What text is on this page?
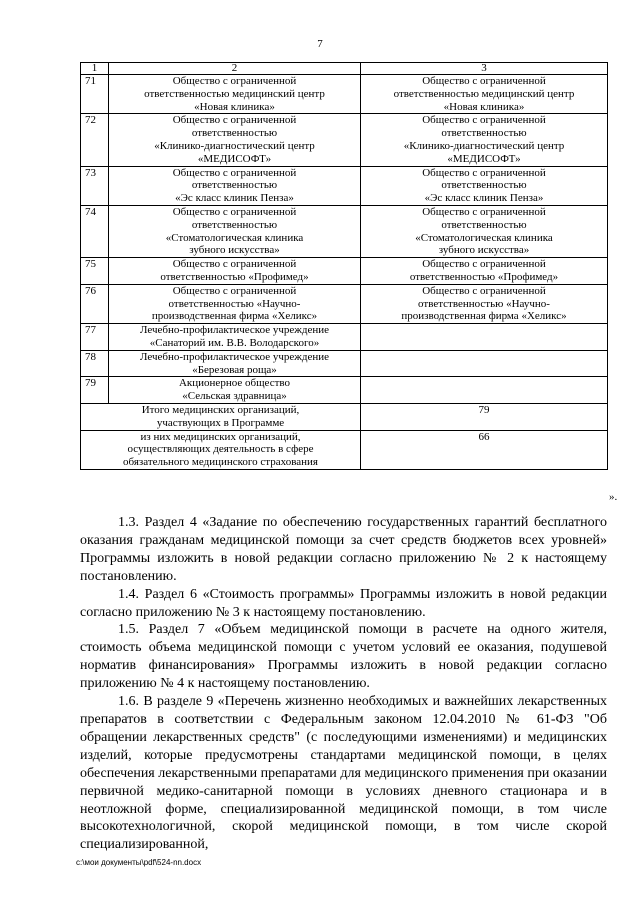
7
1	2	3
71	Общество с ограниченной
ответственностью медицинский центр
«Новая клиника»	Общество с ограниченной
ответственностью медицинский центр
«Новая клиника»
72	Общество с ограниченной
ответственностью
«Клинико-диагностический центр
«МЕДИСОФТ»	Общество с ограниченной
ответственностью
«Клинико-диагностический центр
«МЕДИСОФТ»
73	Общество с ограниченной
ответственностью
«Эс класс клиник Пенза»	Общество с ограниченной
ответственностью
«Эс класс клиник Пенза»
74	Общество с ограниченной
ответственностью
«Стоматологическая клиника
зубного искусства»	Общество с ограниченной
ответственностью
«Стоматологическая клиника
зубного искусства»
75	Общество с ограниченной
ответственностью «Профимед»	Общество с ограниченной
ответственностью «Профимед»
76	Общество с ограниченной
ответственностью «Научно-
производственная фирма «Хеликс»	Общество с ограниченной
ответственностью «Научно-
производственная фирма «Хеликс»
77	Лечебно-профилактическое учреждение
«Санаторий им. В.В. Володарского»	
78	Лечебно-профилактическое учреждение
«Березовая роща»	
79	Акционерное общество
«Сельская здравница»	
Итого медицинских организаций,
участвующих в Программе		79
из них медицинских организаций,
осуществляющих деятельность в сфере
обязательного медицинского страхования		66
».

1.3. Раздел 4 «Задание по обеспечению государственных гарантий бесплатного оказания гражданам медицинской помощи за счет средств бюджетов всех уровней» Программы изложить в новой редакции согласно приложению № 2 к настоящему постановлению.

1.4. Раздел 6 «Стоимость программы» Программы изложить в новой редакции согласно приложению № 3 к настоящему постановлению.

1.5. Раздел 7 «Объем медицинской помощи в расчете на одного жителя, стоимость объема медицинской помощи с учетом условий ее оказания, подушевой норматив финансирования» Программы изложить в новой редакции согласно приложению № 4 к настоящему постановлению.

1.6. В разделе 9 «Перечень жизненно необходимых и важнейших лекарственных препаратов в соответствии с Федеральным законом 12.04.2010 № 61-ФЗ "Об обращении лекарственных средств" (с последующими изменениями) и медицинских изделий, которые предусмотрены стандартами медицинской помощи, в целях обеспечения лекарственными препаратами для медицинского применения при оказании первичной медико-санитарной помощи в условиях дневного стационара и в неотложной форме, специализированной медицинской помощи, в том числе высокотехнологичной, скорой медицинской помощи, в том числе скорой специализированной,

c:\мои документы\pdf\524-nn.docx
